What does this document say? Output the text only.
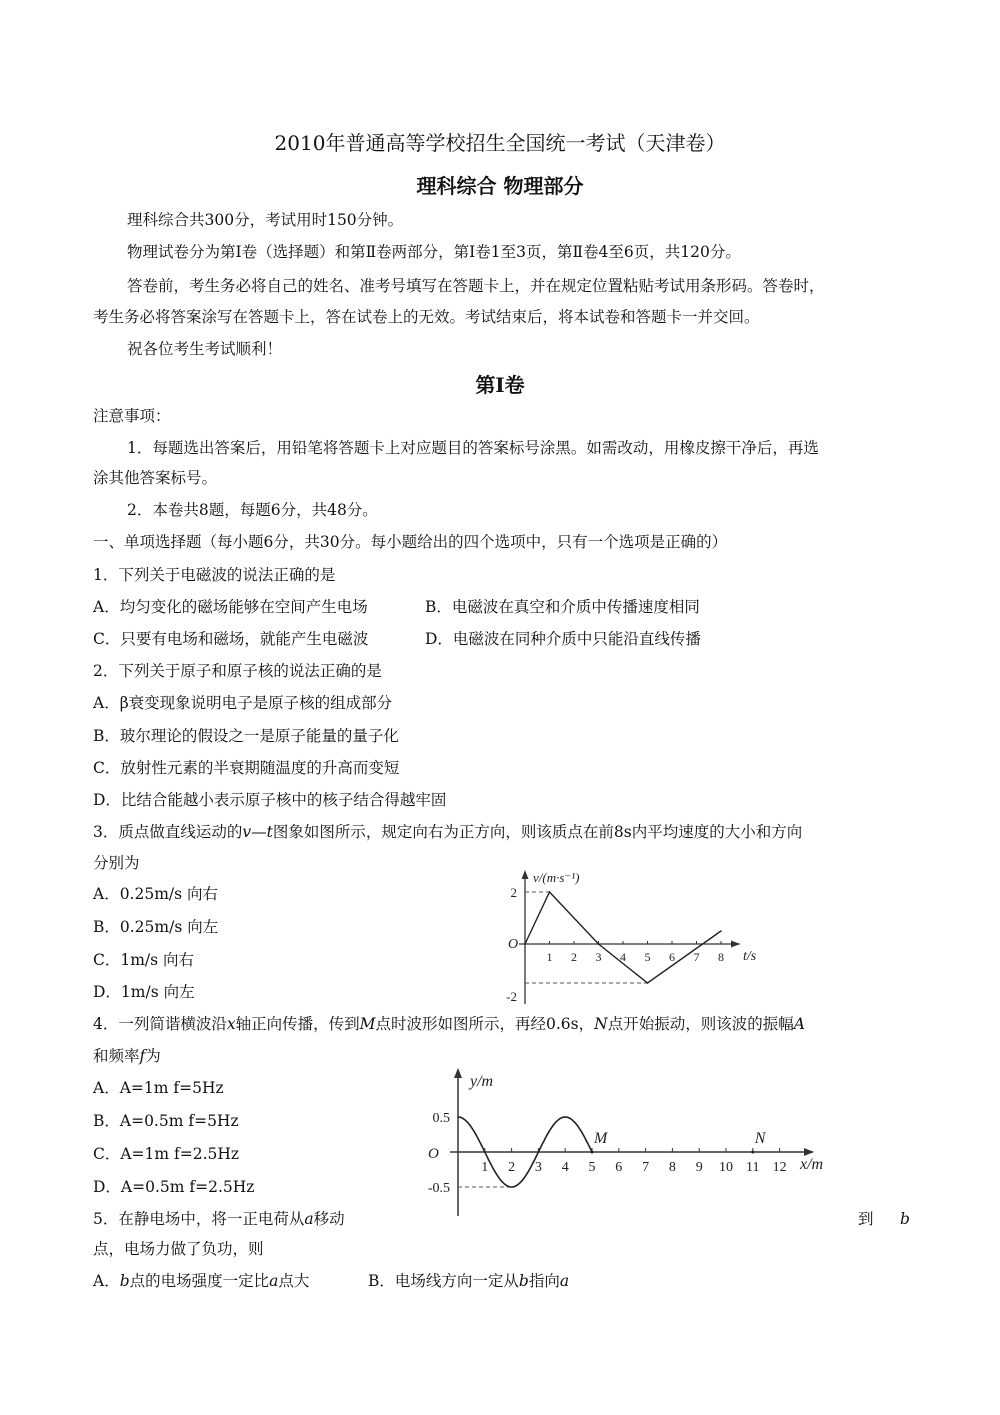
2010年普通高等学校招生全国统一考试（天津卷）
理科综合 物理部分
理科综合共300分，考试用时150分钟。
物理试卷分为第Ⅰ卷（选择题）和第Ⅱ卷两部分，第Ⅰ卷1至3页，第Ⅱ卷4至6页，共120分。
答卷前，考生务必将自己的姓名、准考号填写在答题卡上，并在规定位置粘贴考试用条形码。答卷时，
考生务必将答案涂写在答题卡上，答在试卷上的无效。考试结束后，将本试卷和答题卡一并交回。
祝各位考生考试顺利！
第Ⅰ卷
注意事项：
1．每题选出答案后，用铅笔将答题卡上对应题目的答案标号涂黑。如需改动，用橡皮擦干净后，再选
涂其他答案标号。
2．本卷共8题，每题6分，共48分。
一、单项选择题（每小题6分，共30分。每小题给出的四个选项中，只有一个选项是正确的）
1．下列关于电磁波的说法正确的是
A．均匀变化的磁场能够在空间产生电场	B．电磁波在真空和介质中传播速度相同
C．只要有电场和磁场，就能产生电磁波	D．电磁波在同种介质中只能沿直线传播
2．下列关于原子和原子核的说法正确的是
A．β衰变现象说明电子是原子核的组成部分
B．玻尔理论的假设之一是原子能量的量子化
C．放射性元素的半衰期随温度的升高而变短
D．比结合能越小表示原子核中的核子结合得越牢固
3．质点做直线运动的v—t图象如图所示，规定向右为正方向，则该质点在前8s内平均速度的大小和方向
分别为
A．0.25m/s 向右
B．0.25m/s 向左
C．1m/s 向右
D．1m/s 向左
v/(m·s⁻¹)
t/s
O
2
-2
1 2 3 4 5 6 7 8
4．一列简谐横波沿x轴正向传播，传到M点时波形如图所示，再经0.6s，N点开始振动，则该波的振幅A
和频率f为
A．A=1m f=5Hz
B．A=0.5m f=5Hz
C．A=1m f=2.5Hz
D．A=0.5m f=2.5Hz
y/m
x/m
O
0.5
-0.5
1 2 3 4 5 6 7 8 9 10 11 12
M	N
5．在静电场中，将一正电荷从a移动	到 b
点，电场力做了负功，则
A．b点的电场强度一定比a点大	B．电场线方向一定从b指向a
